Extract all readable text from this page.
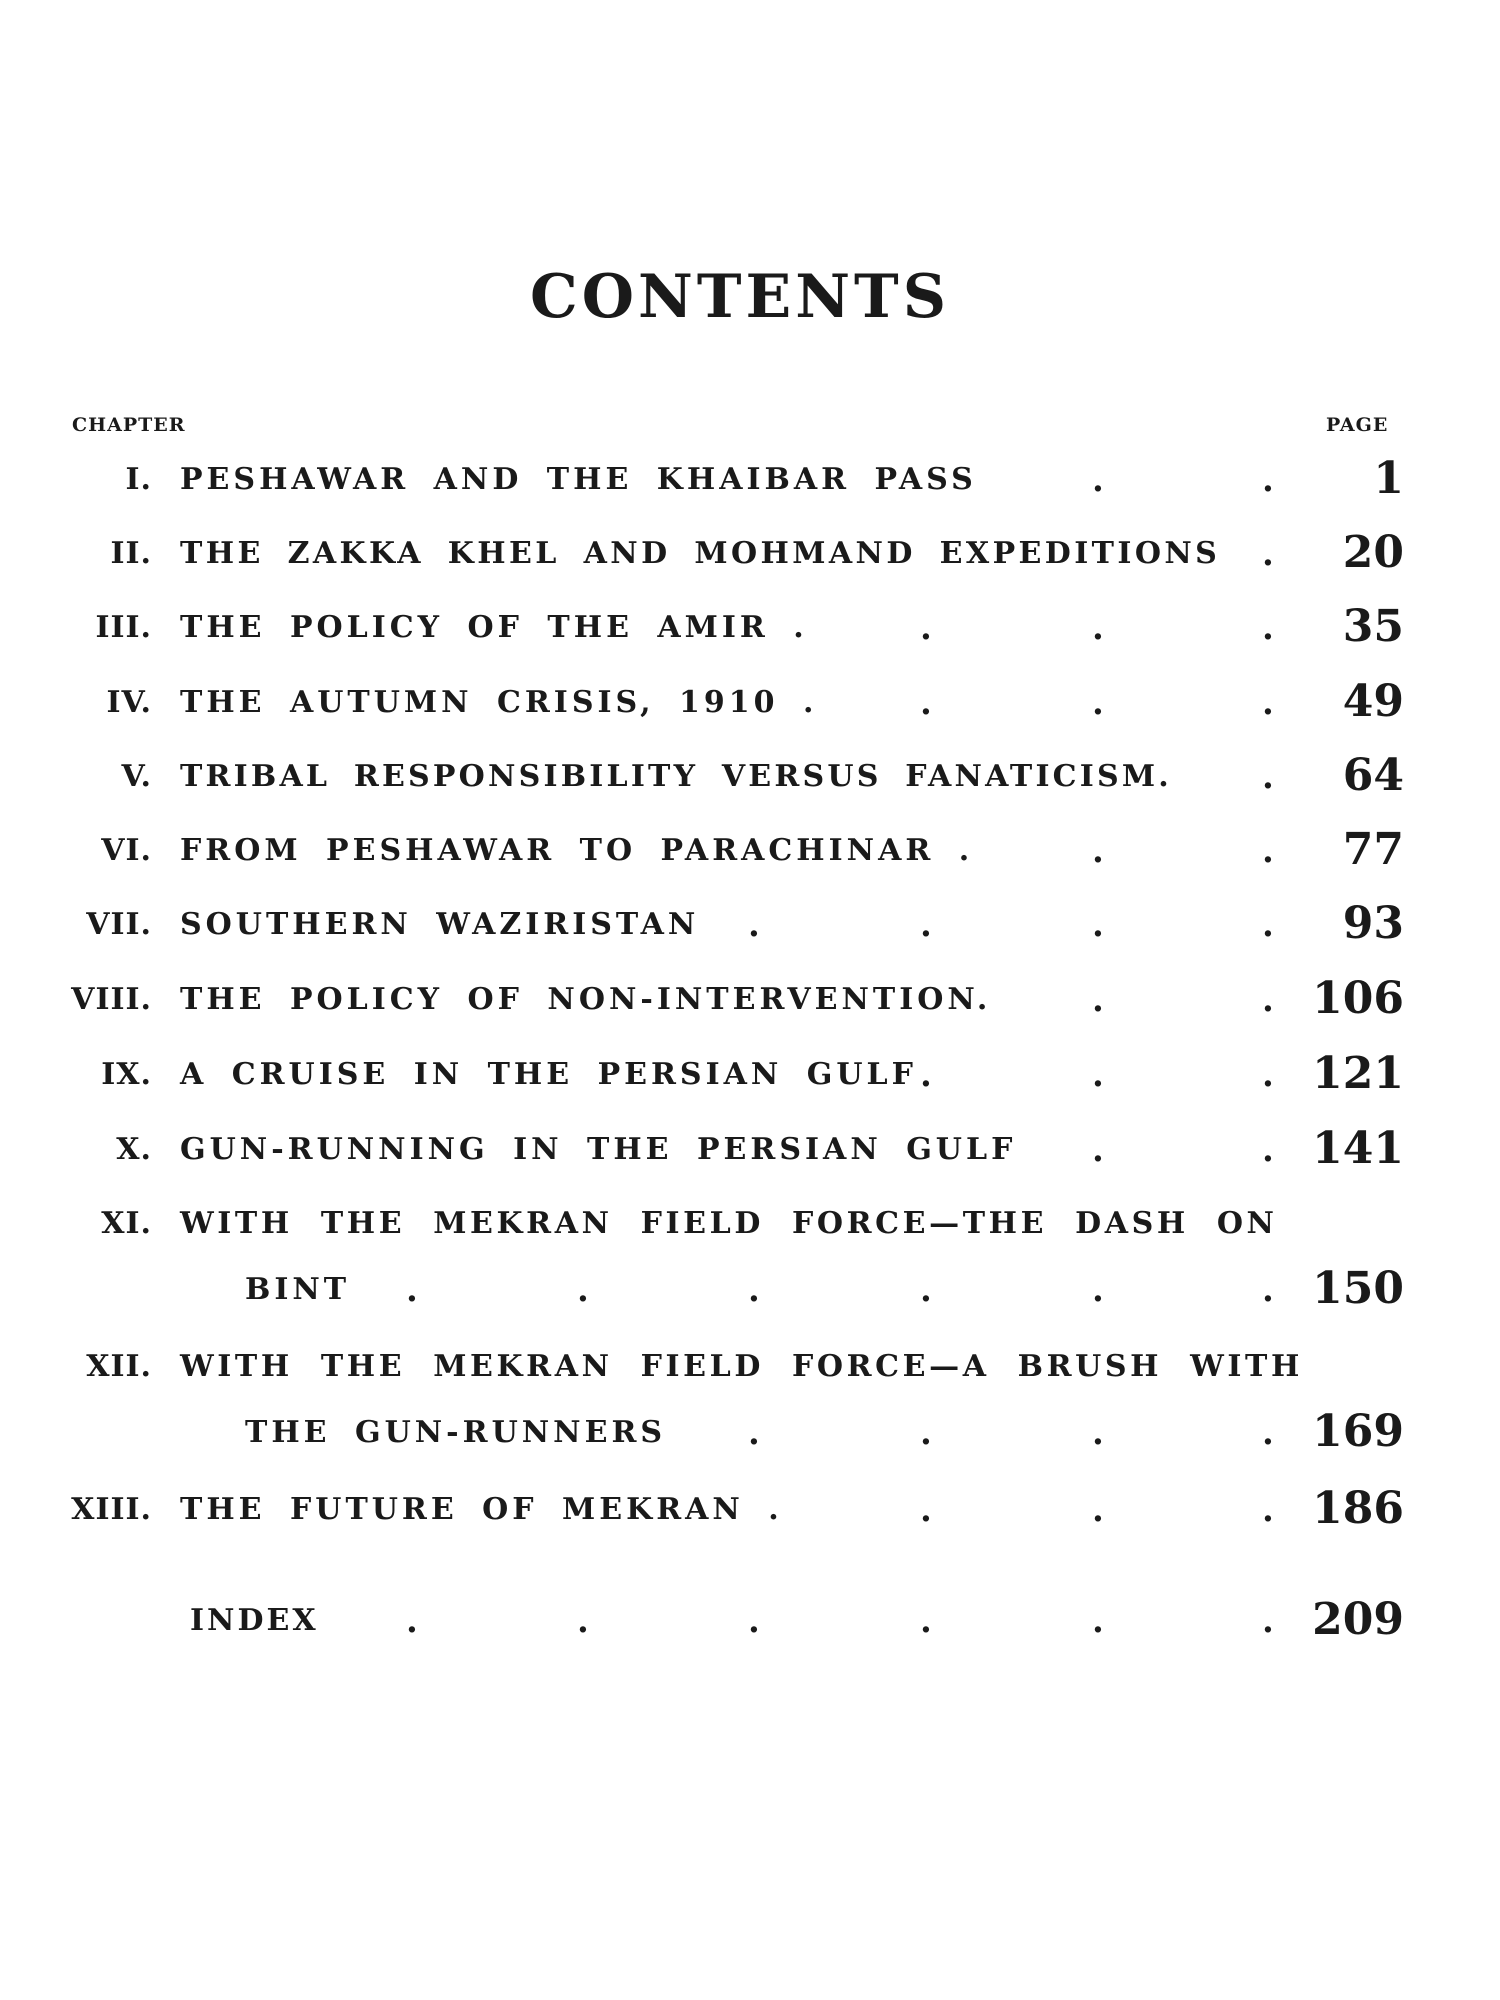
CONTENTS
CHAPTER	PAGE
I. PESHAWAR AND THE KHAIBAR PASS	.	. 1
II. THE ZAKKA KHEL AND MOHMAND EXPEDITIONS . 20
III. THE POLICY OF THE AMIR .	.	.	. 35
IV. THE AUTUMN CRISIS, 1910 .	.	.	. 49
V. TRIBAL RESPONSIBILITY VERSUS FANATICISM.	. 64
VI. FROM PESHAWAR TO PARACHINAR .	.	. 77
VII. SOUTHERN WAZIRISTAN .	.	.	. 93
VIII. THE POLICY OF NON-INTERVENTION.	.	. 106
IX. A CRUISE IN THE PERSIAN GULF .	.	. 121
X. GUN-RUNNING IN THE PERSIAN GULF .	. 141
XI. WITH THE MEKRAN FIELD FORCE—THE DASH ON
BINT .	.	.	.	.	. 150
XII. WITH THE MEKRAN FIELD FORCE—A BRUSH WITH
THE GUN-RUNNERS .	.	.	. 169
XIII. THE FUTURE OF MEKRAN .	.	.	. 186
INDEX	.	.	.	.	.	. 209
